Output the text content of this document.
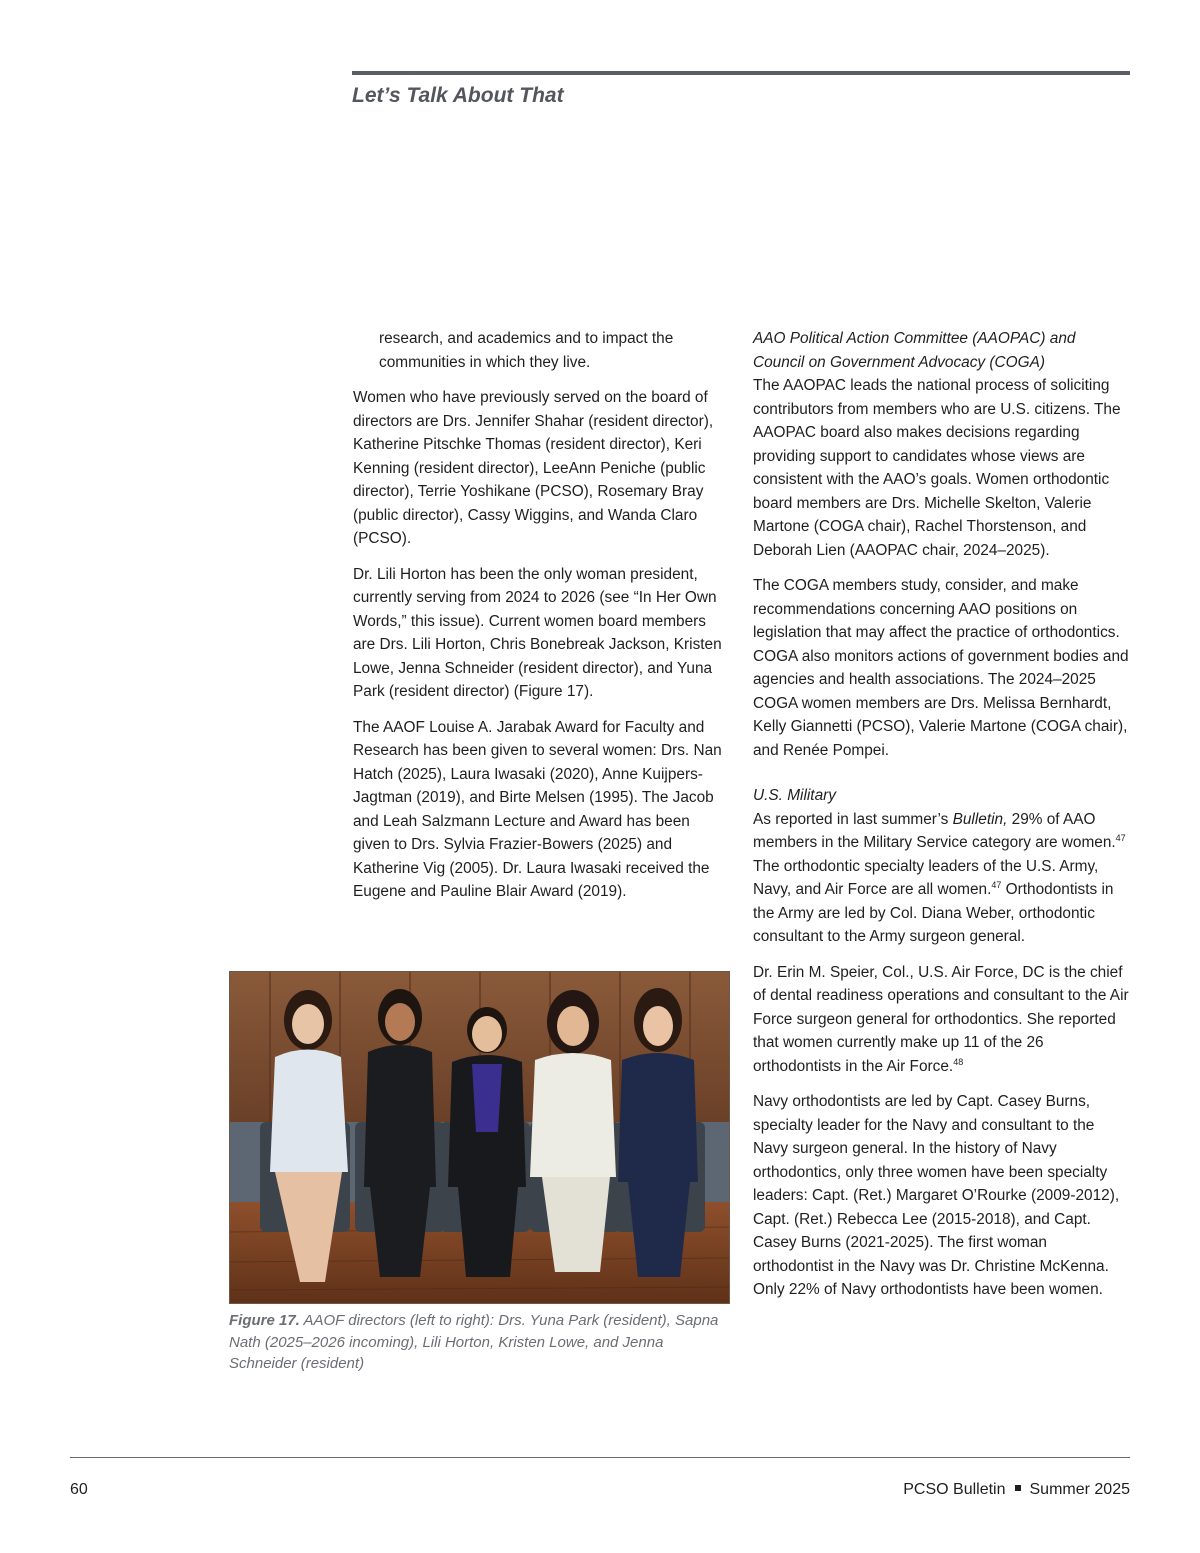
Let’s Talk About That

research, and academics and to impact the communities in which they live.

Women who have previously served on the board of directors are Drs. Jennifer Shahar (resident director), Katherine Pitschke Thomas (resident director), Keri Kenning (resident director), LeeAnn Peniche (public director), Terrie Yoshikane (PCSO), Rosemary Bray (public director), Cassy Wiggins, and Wanda Claro (PCSO).

Dr. Lili Horton has been the only woman president, currently serving from 2024 to 2026 (see “In Her Own Words,” this issue). Current women board members are Drs. Lili Horton, Chris Bonebreak Jackson, Kristen Lowe, Jenna Schneider (resident director), and Yuna Park (resident director) (Figure 17).

The AAOF Louise A. Jarabak Award for Faculty and Research has been given to several women: Drs. Nan Hatch (2025), Laura Iwasaki (2020), Anne Kuijpers-Jagtman (2019), and Birte Melsen (1995). The Jacob and Leah Salzmann Lecture and Award has been given to Drs. Sylvia Frazier-Bowers (2025) and Katherine Vig (2005). Dr. Laura Iwasaki received the Eugene and Pauline Blair Award (2019).

Figure 17. AAOF directors (left to right): Drs. Yuna Park (resident), Sapna Nath (2025–2026 incoming), Lili Horton, Kristen Lowe, and Jenna Schneider (resident)

AAO Political Action Committee (AAOPAC) and Council on Government Advocacy (COGA)
The AAOPAC leads the national process of soliciting contributors from members who are U.S. citizens. The AAOPAC board also makes decisions regarding providing support to candidates whose views are consistent with the AAO’s goals. Women orthodontic board members are Drs. Michelle Skelton, Valerie Martone (COGA chair), Rachel Thorstenson, and Deborah Lien (AAOPAC chair, 2024–2025).

The COGA members study, consider, and make recommendations concerning AAO positions on legislation that may affect the practice of orthodontics. COGA also monitors actions of government bodies and agencies and health associations. The 2024–2025 COGA women members are Drs. Melissa Bernhardt, Kelly Giannetti (PCSO), Valerie Martone (COGA chair), and Renée Pompei.

U.S. Military
As reported in last summer’s Bulletin, 29% of AAO members in the Military Service category are women.$^{47}$ The orthodontic specialty leaders of the U.S. Army, Navy, and Air Force are all women.$^{47}$ Orthodontists in the Army are led by Col. Diana Weber, orthodontic consultant to the Army surgeon general.

Dr. Erin M. Speier, Col., U.S. Air Force, DC is the chief of dental readiness operations and consultant to the Air Force surgeon general for orthodontics. She reported that women currently make up 11 of the 26 orthodontists in the Air Force.$^{48}$

Navy orthodontists are led by Capt. Casey Burns, specialty leader for the Navy and consultant to the Navy surgeon general. In the history of Navy orthodontics, only three women have been specialty leaders: Capt. (Ret.) Margaret O’Rourke (2009-2012), Capt. (Ret.) Rebecca Lee (2015-2018), and Capt. Casey Burns (2021-2025). The first woman orthodontist in the Navy was Dr. Christine McKenna. Only 22% of Navy orthodontists have been women.

60	PCSO Bulletin Summer 2025
